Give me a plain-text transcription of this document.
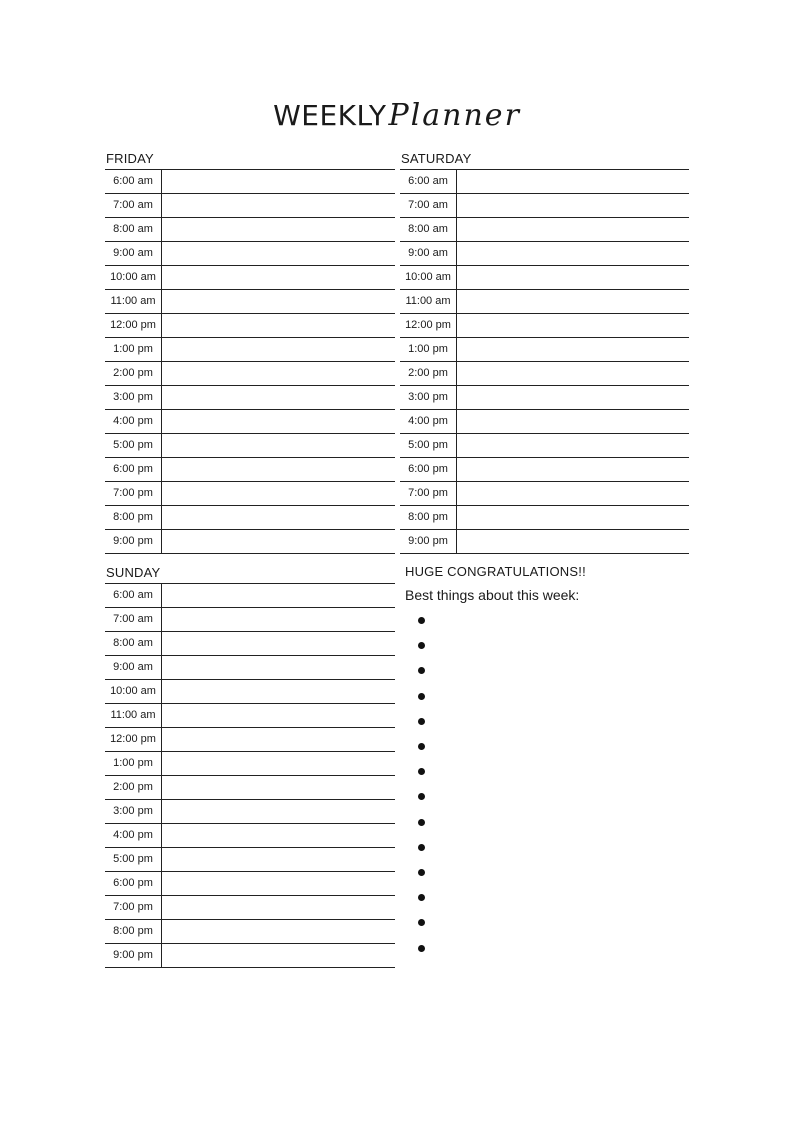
WEEKLYPlanner
FRIDAY
6:00 am
7:00 am
8:00 am
9:00 am
10:00 am
11:00 am
12:00 pm
1:00 pm
2:00 pm
3:00 pm
4:00 pm
5:00 pm
6:00 pm
7:00 pm
8:00 pm
9:00 pm
SATURDAY
6:00 am
7:00 am
8:00 am
9:00 am
10:00 am
11:00 am
12:00 pm
1:00 pm
2:00 pm
3:00 pm
4:00 pm
5:00 pm
6:00 pm
7:00 pm
8:00 pm
9:00 pm
SUNDAY
6:00 am
7:00 am
8:00 am
9:00 am
10:00 am
11:00 am
12:00 pm
1:00 pm
2:00 pm
3:00 pm
4:00 pm
5:00 pm
6:00 pm
7:00 pm
8:00 pm
9:00 pm
HUGE CONGRATULATIONS!!
Best things about this week:
